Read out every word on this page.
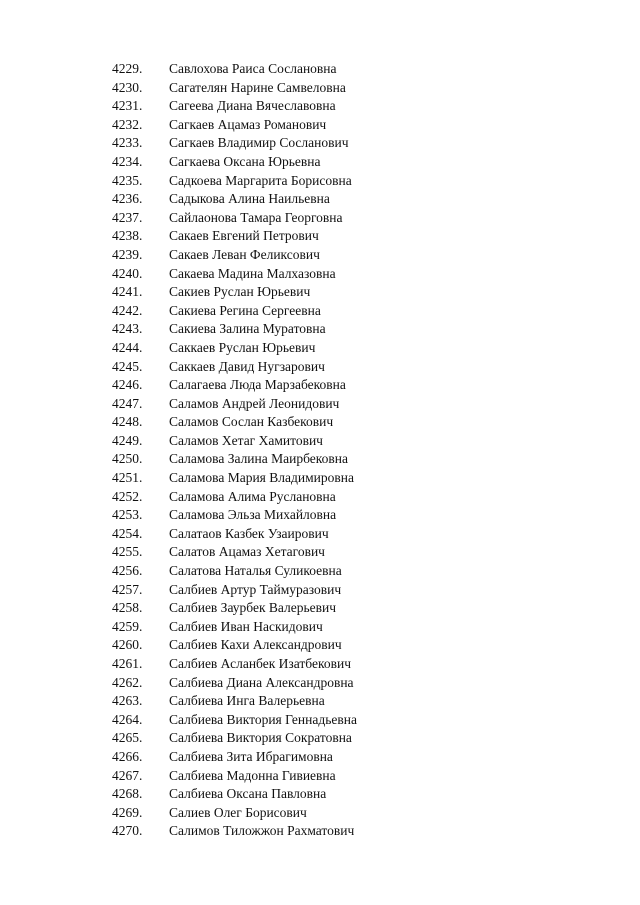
4229. Савлохова Раиса Сослановна
4230. Сагателян Нарине Самвеловна
4231. Сагеева Диана Вячеславовна
4232. Сагкаев Ацамаз Романович
4233. Сагкаев Владимир Сосланович
4234. Сагкаева Оксана Юрьевна
4235. Садкоева Маргарита Борисовна
4236. Садыкова Алина Наильевна
4237. Сайлаонова Тамара Георговна
4238. Сакаев Евгений Петрович
4239. Сакаев Леван Феликсович
4240. Сакаева Мадина Малхазовна
4241. Сакиев Руслан Юрьевич
4242. Сакиева Регина Сергеевна
4243. Сакиева Залина Муратовна
4244. Саккаев Руслан Юрьевич
4245. Саккаев Давид Нугзарович
4246. Салагаева Люда Марзабековна
4247. Саламов Андрей Леонидович
4248. Саламов Сослан Казбекович
4249. Саламов Хетаг Хамитович
4250. Саламова Залина Маирбековна
4251. Саламова Мария Владимировна
4252. Саламова Алима Руслановна
4253. Саламова Эльза Михайловна
4254. Салатаов Казбек Узаирович
4255. Салатов Ацамаз Хетагович
4256. Салатова Наталья Суликоевна
4257. Салбиев Артур Таймуразович
4258. Салбиев Заурбек Валерьевич
4259. Салбиев Иван Наскидович
4260. Салбиев Кахи Александрович
4261. Салбиев Асланбек Изатбекович
4262. Салбиева Диана Александровна
4263. Салбиева Инга Валерьевна
4264. Салбиева Виктория Геннадьевна
4265. Салбиева Виктория Сократовна
4266. Салбиева Зита Ибрагимовна
4267. Салбиева Мадонна Гивиевна
4268. Салбиева Оксана Павловна
4269. Салиев Олег Борисович
4270. Салимов Тиложжон Рахматович
